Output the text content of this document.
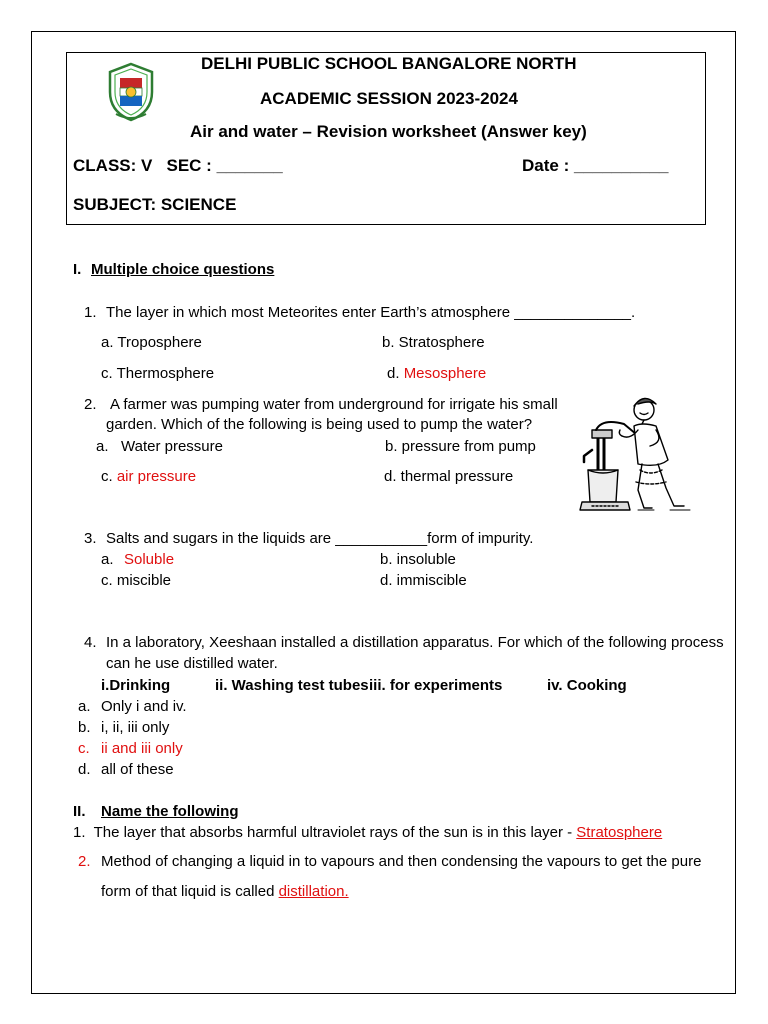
DELHI PUBLIC SCHOOL BANGALORE NORTH
ACADEMIC SESSION 2023-2024
Air and water – Revision worksheet (Answer key)
CLASS: V   SEC : _______	Date : __________
SUBJECT: SCIENCE
I. Multiple choice questions
1. The layer in which most Meteorites enter Earth’s atmosphere ______________.
a. Troposphere	b. Stratosphere
c. Thermosphere	d. Mesosphere
2. A farmer was pumping water from underground for irrigate his small
garden. Which of the following is being used to pump the water?
a.   Water pressure	b. pressure from pump
c. air pressure	d. thermal pressure
3. Salts and sugars in the liquids are ___________form of impurity.
a. Soluble	b. insoluble
c. miscible	d. immiscible
4. In a laboratory, Xeeshaan installed a distillation apparatus. For which of the following process
can he use distilled water.
i.Drinking	ii. Washing test tubes iii. for experiments	iv. Cooking
a. Only i and iv.
b. i, ii, iii only
c. ii and iii only
d. all of these
II. Name the following
1.  The layer that absorbs harmful ultraviolet rays of the sun is in this layer - Stratosphere
2. Method of changing a liquid in to vapours and then condensing the vapours to get the pure
form of that liquid is called distillation.
